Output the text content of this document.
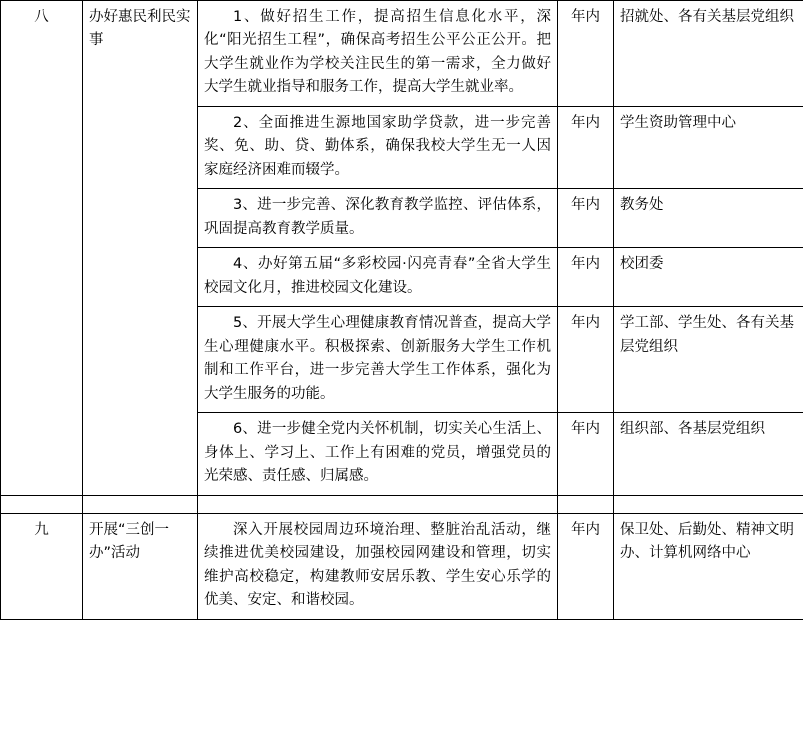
八	办好惠民利民实事	1、做好招生工作，提高招生信息化水平，深化“阳光招生工程”，确保高考招生公平公正公开。把大学生就业作为学校关注民生的第一需求，全力做好大学生就业指导和服务工作，提高大学生就业率。	年内	招就处、各有关基层党组织

		2、全面推进生源地国家助学贷款，进一步完善奖、免、助、贷、勤体系，确保我校大学生无一人因家庭经济困难而辍学。	年内	学生资助管理中心

		3、进一步完善、深化教育教学监控、评估体系，巩固提高教育教学质量。	年内	教务处

		4、办好第五届“多彩校园·闪亮青春”全省大学生校园文化月，推进校园文化建设。	年内	校团委

		5、开展大学生心理健康教育情况普查，提高大学生心理健康水平。积极探索、创新服务大学生工作机制和工作平台，进一步完善大学生工作体系，强化为大学生服务的功能。	年内	学工部、学生处、各有关基层党组织

		6、进一步健全党内关怀机制，切实关心生活上、身体上、学习上、工作上有困难的党员，增强党员的光荣感、责任感、归属感。	年内	组织部、各基层党组织

九	开展“三创一办”活动	深入开展校园周边环境治理、整脏治乱活动，继续推进优美校园建设，加强校园网建设和管理，切实维护高校稳定，构建教师安居乐教、学生安心乐学的优美、安定、和谐校园。	年内	保卫处、后勤处、精神文明办、计算机网络中心
